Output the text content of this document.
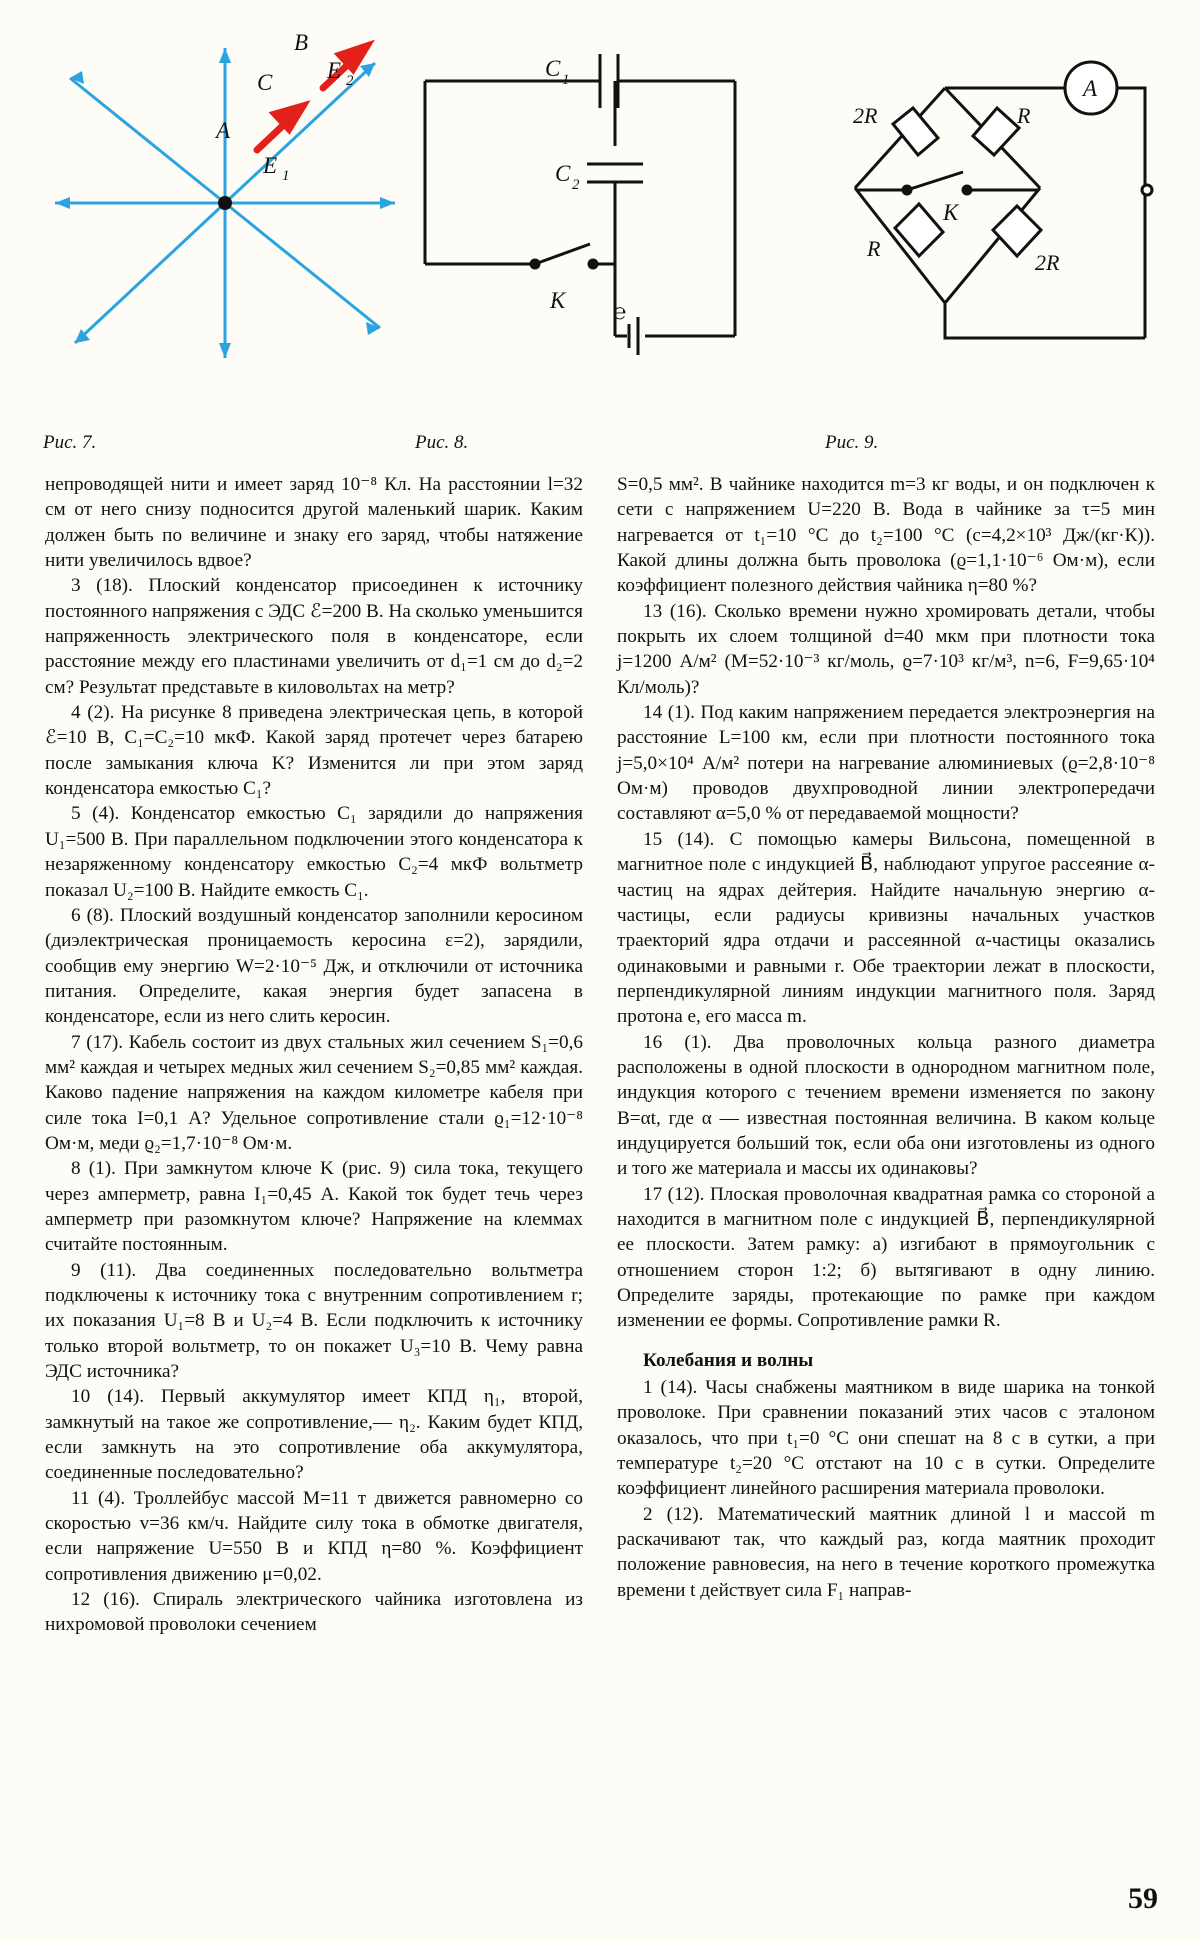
B
C
A
E 2
E 1
C 1
C 2
K ℮
A
2R	R
R
2R
K
Рис. 7.	Рис. 8.	Рис. 9.

непроводящей нити и имеет заряд 10⁻⁸ Кл. На расстоянии l=32 см от него снизу подносится другой маленький шарик. Каким должен быть по величине и знаку его заряд, чтобы натяжение нити увеличилось вдвое?

3 (18). Плоский конденсатор присоединен к источнику постоянного напряжения с ЭДС ℰ=200 В. На сколько уменьшится напряженность электрического поля в конденсаторе, если расстояние между его пластинами увеличить от d₁=1 см до d₂=2 см? Результат представьте в киловольтах на метр?

4 (2). На рисунке 8 приведена электрическая цепь, в которой ℰ=10 В, C₁=C₂=10 мкФ. Какой заряд протечет через батарею после замыкания ключа K? Изменится ли при этом заряд конденсатора емкостью C₁?

5 (4). Конденсатор емкостью C₁ зарядили до напряжения U₁=500 В. При параллельном подключении этого конденсатора к незаряженному конденсатору емкостью C₂=4 мкФ вольтметр показал U₂=100 В. Найдите емкость C₁.

6 (8). Плоский воздушный конденсатор заполнили керосином (диэлектрическая проницаемость керосина ε=2), зарядили, сообщив ему энергию W=2·10⁻⁵ Дж, и отключили от источника питания. Определите, какая энергия будет запасена в конденсаторе, если из него слить керосин.

7 (17). Кабель состоит из двух стальных жил сечением S₁=0,6 мм² каждая и четырех медных жил сечением S₂=0,85 мм² каждая. Каково падение напряжения на каждом километре кабеля при силе тока I=0,1 А? Удельное сопротивление стали ϱ₁=12·10⁻⁸ Ом·м, меди ϱ₂=1,7·10⁻⁸ Ом·м.

8 (1). При замкнутом ключе K (рис. 9) сила тока, текущего через амперметр, равна I₁=0,45 А. Какой ток будет течь через амперметр при разомкнутом ключе? Напряжение на клеммах считайте постоянным.

9 (11). Два соединенных последовательно вольтметра подключены к источнику тока с внутренним сопротивлением r; их показания U₁=8 В и U₂=4 В. Если подключить к источнику только второй вольтметр, то он покажет U₃=10 В. Чему равна ЭДС источника?

10 (14). Первый аккумулятор имеет КПД η₁, второй, замкнутый на такое же сопротивление,— η₂. Каким будет КПД, если замкнуть на это сопротивление оба аккумулятора, соединенные последовательно?

11 (4). Троллейбус массой M=11 т движется равномерно со скоростью v=36 км/ч. Найдите силу тока в обмотке двигателя, если напряжение U=550 В и КПД η=80 %. Коэффициент сопротивления движению μ=0,02.

12 (16). Спираль электрического чайника изготовлена из нихромовой проволоки сечением

S=0,5 мм². В чайнике находится m=3 кг воды, и он подключен к сети с напряжением U=220 В. Вода в чайнике за τ=5 мин нагревается от t₁=10 °C до t₂=100 °C (c=4,2×10³ Дж/(кг·К)). Какой длины должна быть проволока (ϱ=1,1·10⁻⁶ Ом·м), если коэффициент полезного действия чайника η=80 %?

13 (16). Сколько времени нужно хромировать детали, чтобы покрыть их слоем толщиной d=40 мкм при плотности тока j=1200 А/м² (M=52·10⁻³ кг/моль, ϱ=7·10³ кг/м³, n=6, F=9,65·10⁴ Кл/моль)?

14 (1). Под каким напряжением передается электроэнергия на расстояние L=100 км, если при плотности постоянного тока j=5,0×10⁴ А/м² потери на нагревание алюминиевых (ϱ=2,8·10⁻⁸ Ом·м) проводов двухпроводной линии электропередачи составляют α=5,0 % от передаваемой мощности?

15 (14). С помощью камеры Вильсона, помещенной в магнитное поле с индукцией B⃗, наблюдают упругое рассеяние α-частиц на ядрах дейтерия. Найдите начальную энергию α-частицы, если радиусы кривизны начальных участков траекторий ядра отдачи и рассеянной α-частицы оказались одинаковыми и равными r. Обе траектории лежат в плоскости, перпендикулярной линиям индукции магнитного поля. Заряд протона e, его масса m.

16 (1). Два проволочных кольца разного диаметра расположены в одной плоскости в однородном магнитном поле, индукция которого с течением времени изменяется по закону B=αt, где α — известная постоянная величина. В каком кольце индуцируется больший ток, если оба они изготовлены из одного и того же материала и массы их одинаковы?

17 (12). Плоская проволочная квадратная рамка со стороной a находится в магнитном поле с индукцией B⃗, перпендикулярной ее плоскости. Затем рамку: а) изгибают в прямоугольник с отношением сторон 1:2; б) вытягивают в одну линию. Определите заряды, протекающие по рамке при каждом изменении ее формы. Сопротивление рамки R.

Колебания и волны

1 (14). Часы снабжены маятником в виде шарика на тонкой проволоке. При сравнении показаний этих часов с эталоном оказалось, что при t₁=0 °C они спешат на 8 с в сутки, а при температуре t₂=20 °C отстают на 10 с в сутки. Определите коэффициент линейного расширения материала проволоки.

2 (12). Математический маятник длиной l и массой m раскачивают так, что каждый раз, когда маятник проходит положение равновесия, на него в течение короткого промежутка времени t действует сила F₁ направ-

59
